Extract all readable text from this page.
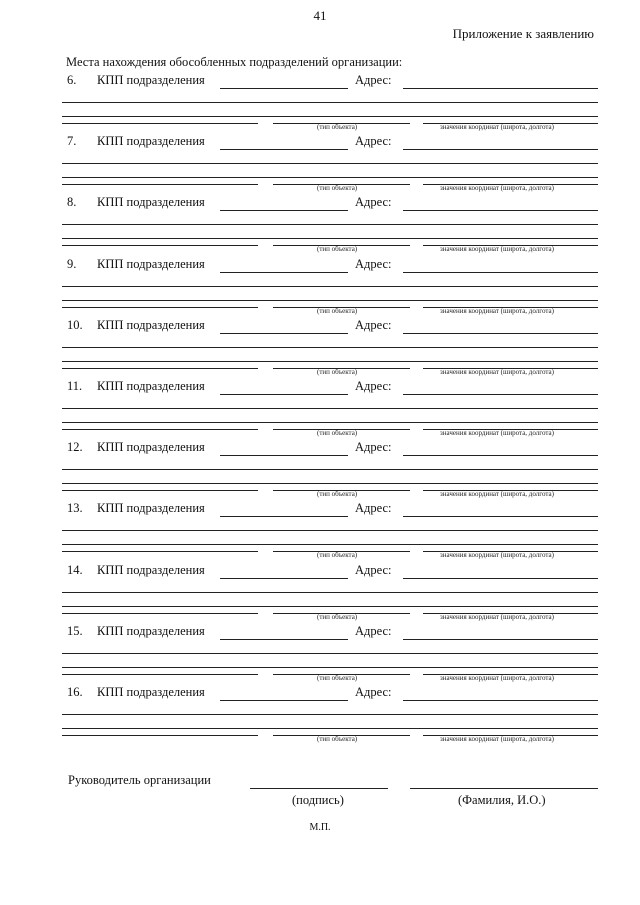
41
Приложение к заявлению
Места нахождения обособленных подразделений организации:
6. КПП подразделения	Адрес:
(тип объекта)	значения координат (широта, долгота)
7. КПП подразделения	Адрес:
(тип объекта)	значения координат (широта, долгота)
8. КПП подразделения	Адрес:
(тип объекта)	значения координат (широта, долгота)
9. КПП подразделения	Адрес:
(тип объекта)	значения координат (широта, долгота)
10. КПП подразделения	Адрес:
(тип объекта)	значения координат (широта, долгота)
11. КПП подразделения	Адрес:
(тип объекта)	значения координат (широта, долгота)
12. КПП подразделения	Адрес:
(тип объекта)	значения координат (широта, долгота)
13. КПП подразделения	Адрес:
(тип объекта)	значения координат (широта, долгота)
14. КПП подразделения	Адрес:
(тип объекта)	значения координат (широта, долгота)
15. КПП подразделения	Адрес:
(тип объекта)	значения координат (широта, долгота)
16. КПП подразделения	Адрес:
(тип объекта)	значения координат (широта, долгота)
Руководитель организации
(подпись)	(Фамилия, И.О.)
М.П.
